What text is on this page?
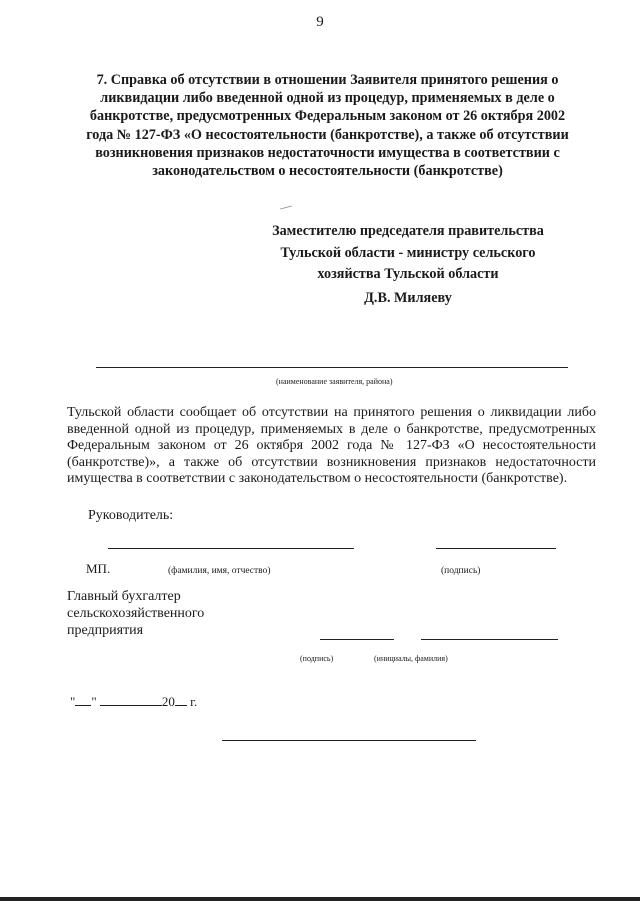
9
7. Справка об отсутствии в отношении Заявителя принятого решения о
ликвидации либо введенной одной из процедур, применяемых в деле о
банкротстве, предусмотренных Федеральным законом от 26 октября 2002
года № 127-ФЗ «О несостоятельности (банкротстве), а также об отсутствии
возникновения признаков недостаточности имущества в соответствии с
законодательством о несостоятельности (банкротстве)
Заместителю председателя правительства
Тульской области - министру сельского
хозяйства Тульской области
Д.В. Миляеву
(наименование заявителя, района)
Тульской области сообщает об отсутствии на принятого решения о ликвидации либо введенной одной из процедур, применяемых в деле о банкротстве, предусмотренных Федеральным законом от 26 октября 2002 года № 127-ФЗ «О несостоятельности (банкротстве)», а также об отсутствии возникновения признаков недостаточности имущества в соответствии с законодательством о несостоятельности (банкротстве).
Руководитель:
МП.	(фамилия, имя, отчество)	(подпись)
Главный бухгалтер
сельскохозяйственного
предприятия
(подпись)	(инициалы, фамилия)
" "	20 г.
